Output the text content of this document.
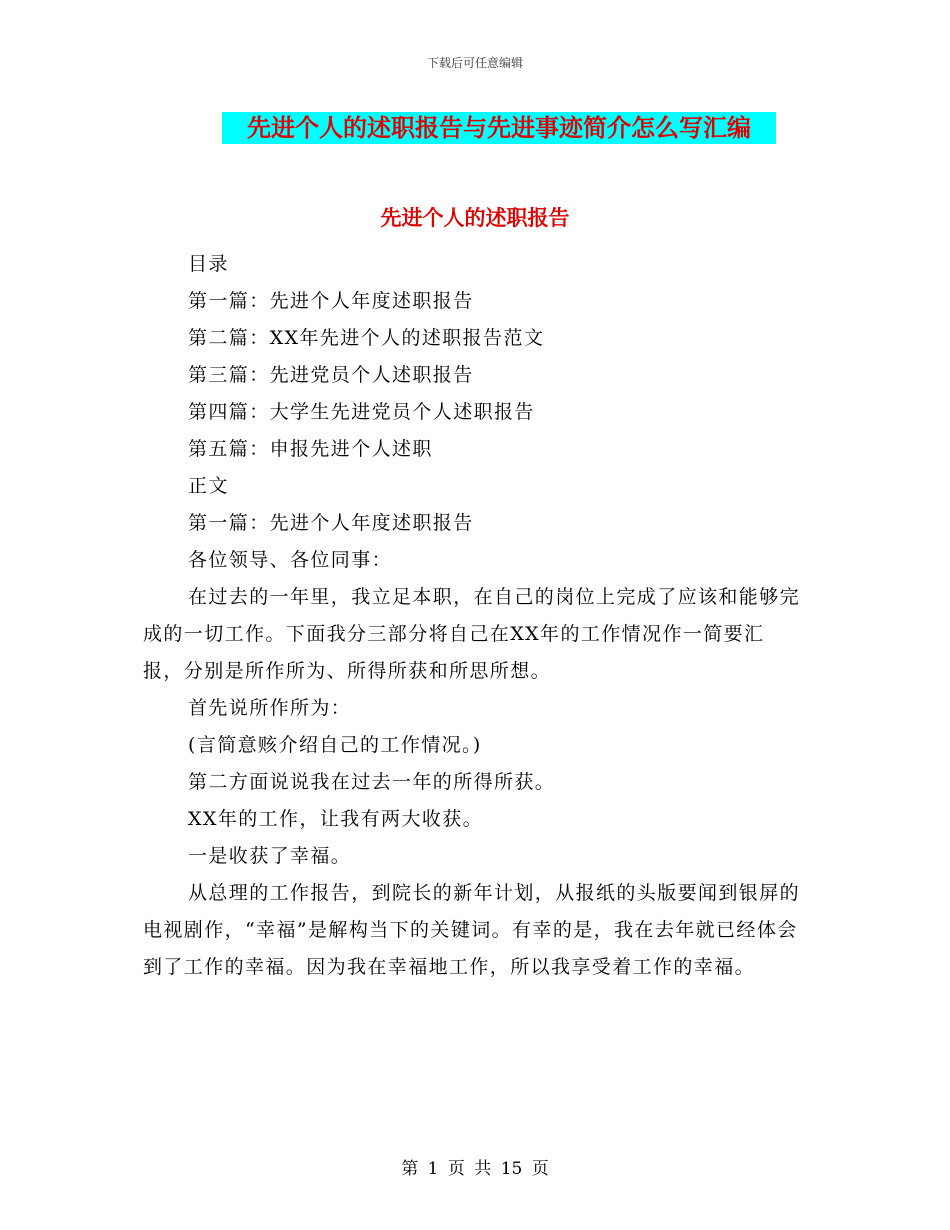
下载后可任意编辑
先进个人的述职报告与先进事迹简介怎么写汇编
先进个人的述职报告

目录

第一篇：先进个人年度述职报告

第二篇：XX年先进个人的述职报告范文

第三篇：先进党员个人述职报告

第四篇：大学生先进党员个人述职报告

第五篇：申报先进个人述职

正文

第一篇：先进个人年度述职报告

各位领导、各位同事：

在过去的一年里，我立足本职，在自己的岗位上完成了应该和能够完成的一切工作。下面我分三部分将自己在XX年的工作情况作一简要汇报，分别是所作所为、所得所获和所思所想。

首先说所作所为：

(言简意赅介绍自己的工作情况。)

第二方面说说我在过去一年的所得所获。

XX年的工作，让我有两大收获。

一是收获了幸福。

从总理的工作报告，到院长的新年计划，从报纸的头版要闻到银屏的电视剧作，“幸福”是解构当下的关键词。有幸的是，我在去年就已经体会到了工作的幸福。因为我在幸福地工作，所以我享受着工作的幸福。

第 1 页 共 15 页
